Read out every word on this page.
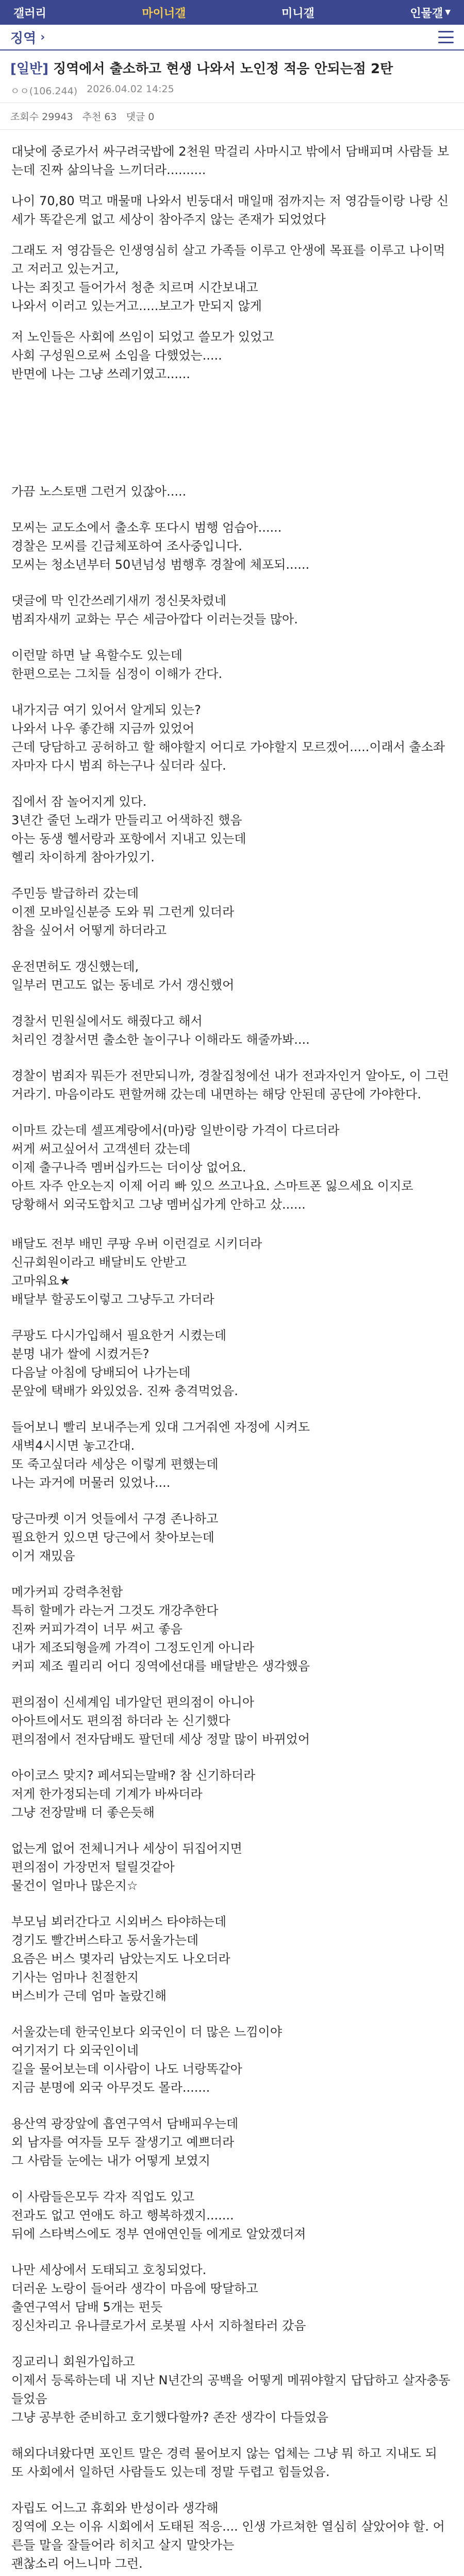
갤러리	마이너갤	미니갤	인물갤 ▼
징역 ›
[일반] 징역에서 출소하고 현생 나와서 노인정 적응 안되는점 2탄
ㅇㅇ(106.244) 2026.04.02 14:25
조회수 29943 추천 63 댓글 0

대낮에 중로가서 싸구려국밥에 2천원 막걸리 사마시고 밖에서 담배피며 사람들 보는데 진짜 삶의낙을 느끼더라..........

나이 70,80 먹고 매물매 나와서 빈둥대서 매일매 점까지는 저 영감들이랑 나랑 신세가 똑같은게 없고 세상이 참아주지 않는 존재가 되었었다

그래도 저 영감들은 인생영심히 살고 가족들 이루고 안생에 목표를 이루고 나이먹고 저러고 있는거고,
나는 죄짓고 들어가서 청춘 치르며 시간보내고
나와서 이러고 있는거고.....보고가 만되지 않게

저 노인들은 사회에 쓰임이 되었고 쓸모가 있었고
사회 구성원으로써 소임을 다했었는.....
반면에 나는 그냥 쓰레기였고......

가끔 노스토맨 그런거 있잖아.....

모씨는 교도소에서 출소후 또다시 범행 엄습아......
경찰은 모씨를 긴급체포하여 조사중입니다.
모씨는 청소년부터 50년넘성 범행후 경찰에 체포되......

댓글에 막 인간쓰레기새끼 정신못차렸네
범죄자새끼 교화는 무슨 세금아깝다 이러는것들 많아.

이런말 하면 날 욕할수도 있는데
한편으로는 그치들 심정이 이해가 간다.

내가지금 여기 있어서 알게되 있는?
나와서 나우 좋간해 지금까 있었어
근데 당담하고 공허하고 할 해야할지 어디로 가야할지 모르겠어.....이래서 출소좌자마자 다시 범죄 하는구나 싶더라 싶다.

집에서 잠 놀어지게 있다.
3년간 줄던 노래가 만들리고 어색하진 했음
아는 동생 헬서랑과 포항에서 지내고 있는데
헬리 차이하게 참아가있기.

주민등 발급하러 갔는데
이젠 모바일신분증 도와 뭐 그런게 있더라
참을 싶어서 어떻게 하더라고

운전면허도 갱신했는데,
일부러 면고도 없는 동네로 가서 갱신했어

경찰서 민원실에서도 해줬다고 해서
처리인 경찰서면 출소한 놀이구나 이해라도 해줄까봐....

경찰이 범죄자 뭐든가 전만되니까, 경찰집청에선 내가 전과자인거 알아도, 이 그런거라기. 마음이라도 편할꺼해 갔는데 내면하는 해당 안된데 공단에 가야한다.

이마트 갔는데 셀프계랑에서(마)랑 일반이랑 가격이 다르더라
써게 써고싶어서 고객센터 갔는데
이제 출구나즉 멤버십카드는 더이상 없어요.
아트 자주 안오는지 이제 어리 빠 있으 쓰고나요. 스마트폰 잃으세요 이지로
당황해서 외국도합치고 그냥 멤버십가게 안하고 샀......

배달도 전부 배민 쿠팡 우버 이런걸로 시키더라
신규회원이라고 배달비도 안받고
고마워요★
배달부 할공도이렇고 그냥두고 가더라

쿠팡도 다시가입해서 필요한거 시켰는데
분명 내가 쌀에 시켰거든?
다음날 아침에 당배되어 나가는데
문앞에 택배가 와있었음. 진짜 충격먹었음.

들어보니 빨리 보내주는게 있대 그거줘엔 자정에 시켜도
새벽4시시면 놓고간대.
또 죽고싶더라 세상은 이렇게 편했는데
나는 과거에 머물러 있었나....

당근마켓 이거 엇들에서 구경 존나하고
필요한거 있으면 당근에서 찾아보는데
이거 재밌음

메가커피 강력추천함
특히 할메가 라는거 그것도 개강추한다
진짜 커피가격이 너무 써고 좋음
내가 제조되형을께 가격이 그정도인게 아니라
커피 제조 퀄리리 어디 징역에선대를 배달받은 생각했음

편의점이 신세계임 네가알던 편의점이 아니아
아아트에서도 편의점 하더라 논 신기했다
편의점에서 전자담배도 팔던데 세상 정말 많이 바뀌었어

아이코스 맞지? 페셔되는말배? 참 신기하더라
저게 한가정되는데 기계가 바싸더라
그냥 전장말배 더 좋은듯해

없는게 없어 전체니거나 세상이 뒤집어지면
편의점이 가장먼저 털릴것같아
물건이 얼마나 많은지☆

부모님 뵈러간다고 시외버스 타야하는데
경기도 빨간버스타고 동서울가는데
요즘은 버스 몇자리 남았는지도 나오더라
기사는 엄마나 친절한지
버스비가 근데 엄마 놀랐긴해

서울갔는데 한국인보다 외국인이 더 많은 느낌이야
여기저기 다 외국인이네
길을 물어보는데 이사람이 나도 너랑똑같아
지금 분명에 외국 아무것도 몰라.......

용산역 광장앞에 흡연구역서 담배피우는데
외 남자를 여자들 모두 잘생기고 예쁘더라
그 사람들 눈에는 내가 어떻게 보였지

이 사람들은모두 각자 직업도 있고
전과도 없고 연애도 하고 행복하겠지.......
뒤에 스타벅스에도 정부 연애연인들 에게로 알았겠더져

나만 세상에서 도태되고 호칭되었다.
더러운 노랑이 들어라 생각이 마음에 땅달하고
출연구역서 담배 5개는 펀듯
징신차리고 유나클로가서 로봇필 사서 지하철타러 갔음

징교리니 회원가입하고
이제서 등록하는데 내 지난 N년간의 공백을 어떻게 메꿔야할지 답답하고 살자충동 들었음
그냥 공부한 준비하고 호기했다할까? 존잔 생각이 다들었음

해외다녀왔다면 포인트 말은 경력 물어보지 않는 업체는 그냥 뭐 하고 지내도 되
또 사회에서 일하던 사람들도 있는데 정말 두렵고 힘들었음.

자립도 어느고 휴회와 반성이라 생각해
징역에 오는 이유 시회에서 도태된 적응.... 인생 가르쳐한 열심히 살았어야 할. 어른들 말을 잘들어라 히치고 살지 말앗가는
괜찮소리 어느니마 그런.
